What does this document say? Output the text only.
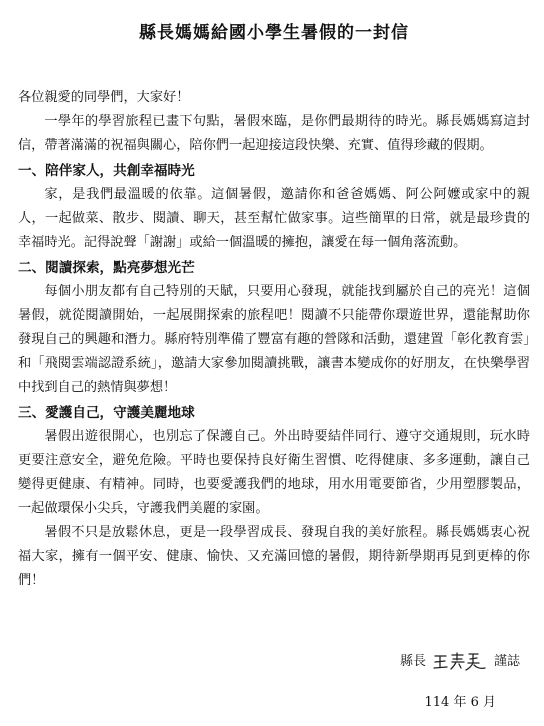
縣長媽媽給國小學生暑假的一封信
各位親愛的同學們，大家好！

一學年的學習旅程已畫下句點，暑假來臨，是你們最期待的時光。縣長媽媽寫這封信，帶著滿滿的祝福與關心，陪你們一起迎接這段快樂、充實、值得珍藏的假期。

一、陪伴家人，共創幸福時光

家，是我們最溫暖的依靠。這個暑假，邀請你和爸爸媽媽、阿公阿嬤或家中的親人，一起做菜、散步、閱讀、聊天，甚至幫忙做家事。這些簡單的日常，就是最珍貴的幸福時光。記得說聲「謝謝」或給一個溫暖的擁抱，讓愛在每一個角落流動。

二、閱讀探索，點亮夢想光芒

每個小朋友都有自己特別的天賦，只要用心發現，就能找到屬於自己的亮光！這個暑假，就從閱讀開始，一起展開探索的旅程吧！閱讀不只能帶你環遊世界，還能幫助你發現自己的興趣和潛力。縣府特別準備了豐富有趣的營隊和活動，還建置「彰化教育雲」和「飛閱雲端認證系統」，邀請大家參加閱讀挑戰，讓書本變成你的好朋友，在快樂學習中找到自己的熱情與夢想！

三、愛護自己，守護美麗地球

暑假出遊很開心，也別忘了保護自己。外出時要結伴同行、遵守交通規則，玩水時更要注意安全，避免危險。平時也要保持良好衛生習慣、吃得健康、多多運動，讓自己變得更健康、有精神。同時，也要愛護我們的地球，用水用電要節省，少用塑膠製品，一起做環保小尖兵，守護我們美麗的家園。

暑假不只是放鬆休息，更是一段學習成長、發現自我的美好旅程。縣長媽媽衷心祝福大家，擁有一個平安、健康、愉快、又充滿回憶的暑假，期待新學期再見到更棒的你們！

縣長	謹誌
114 年 6 月
